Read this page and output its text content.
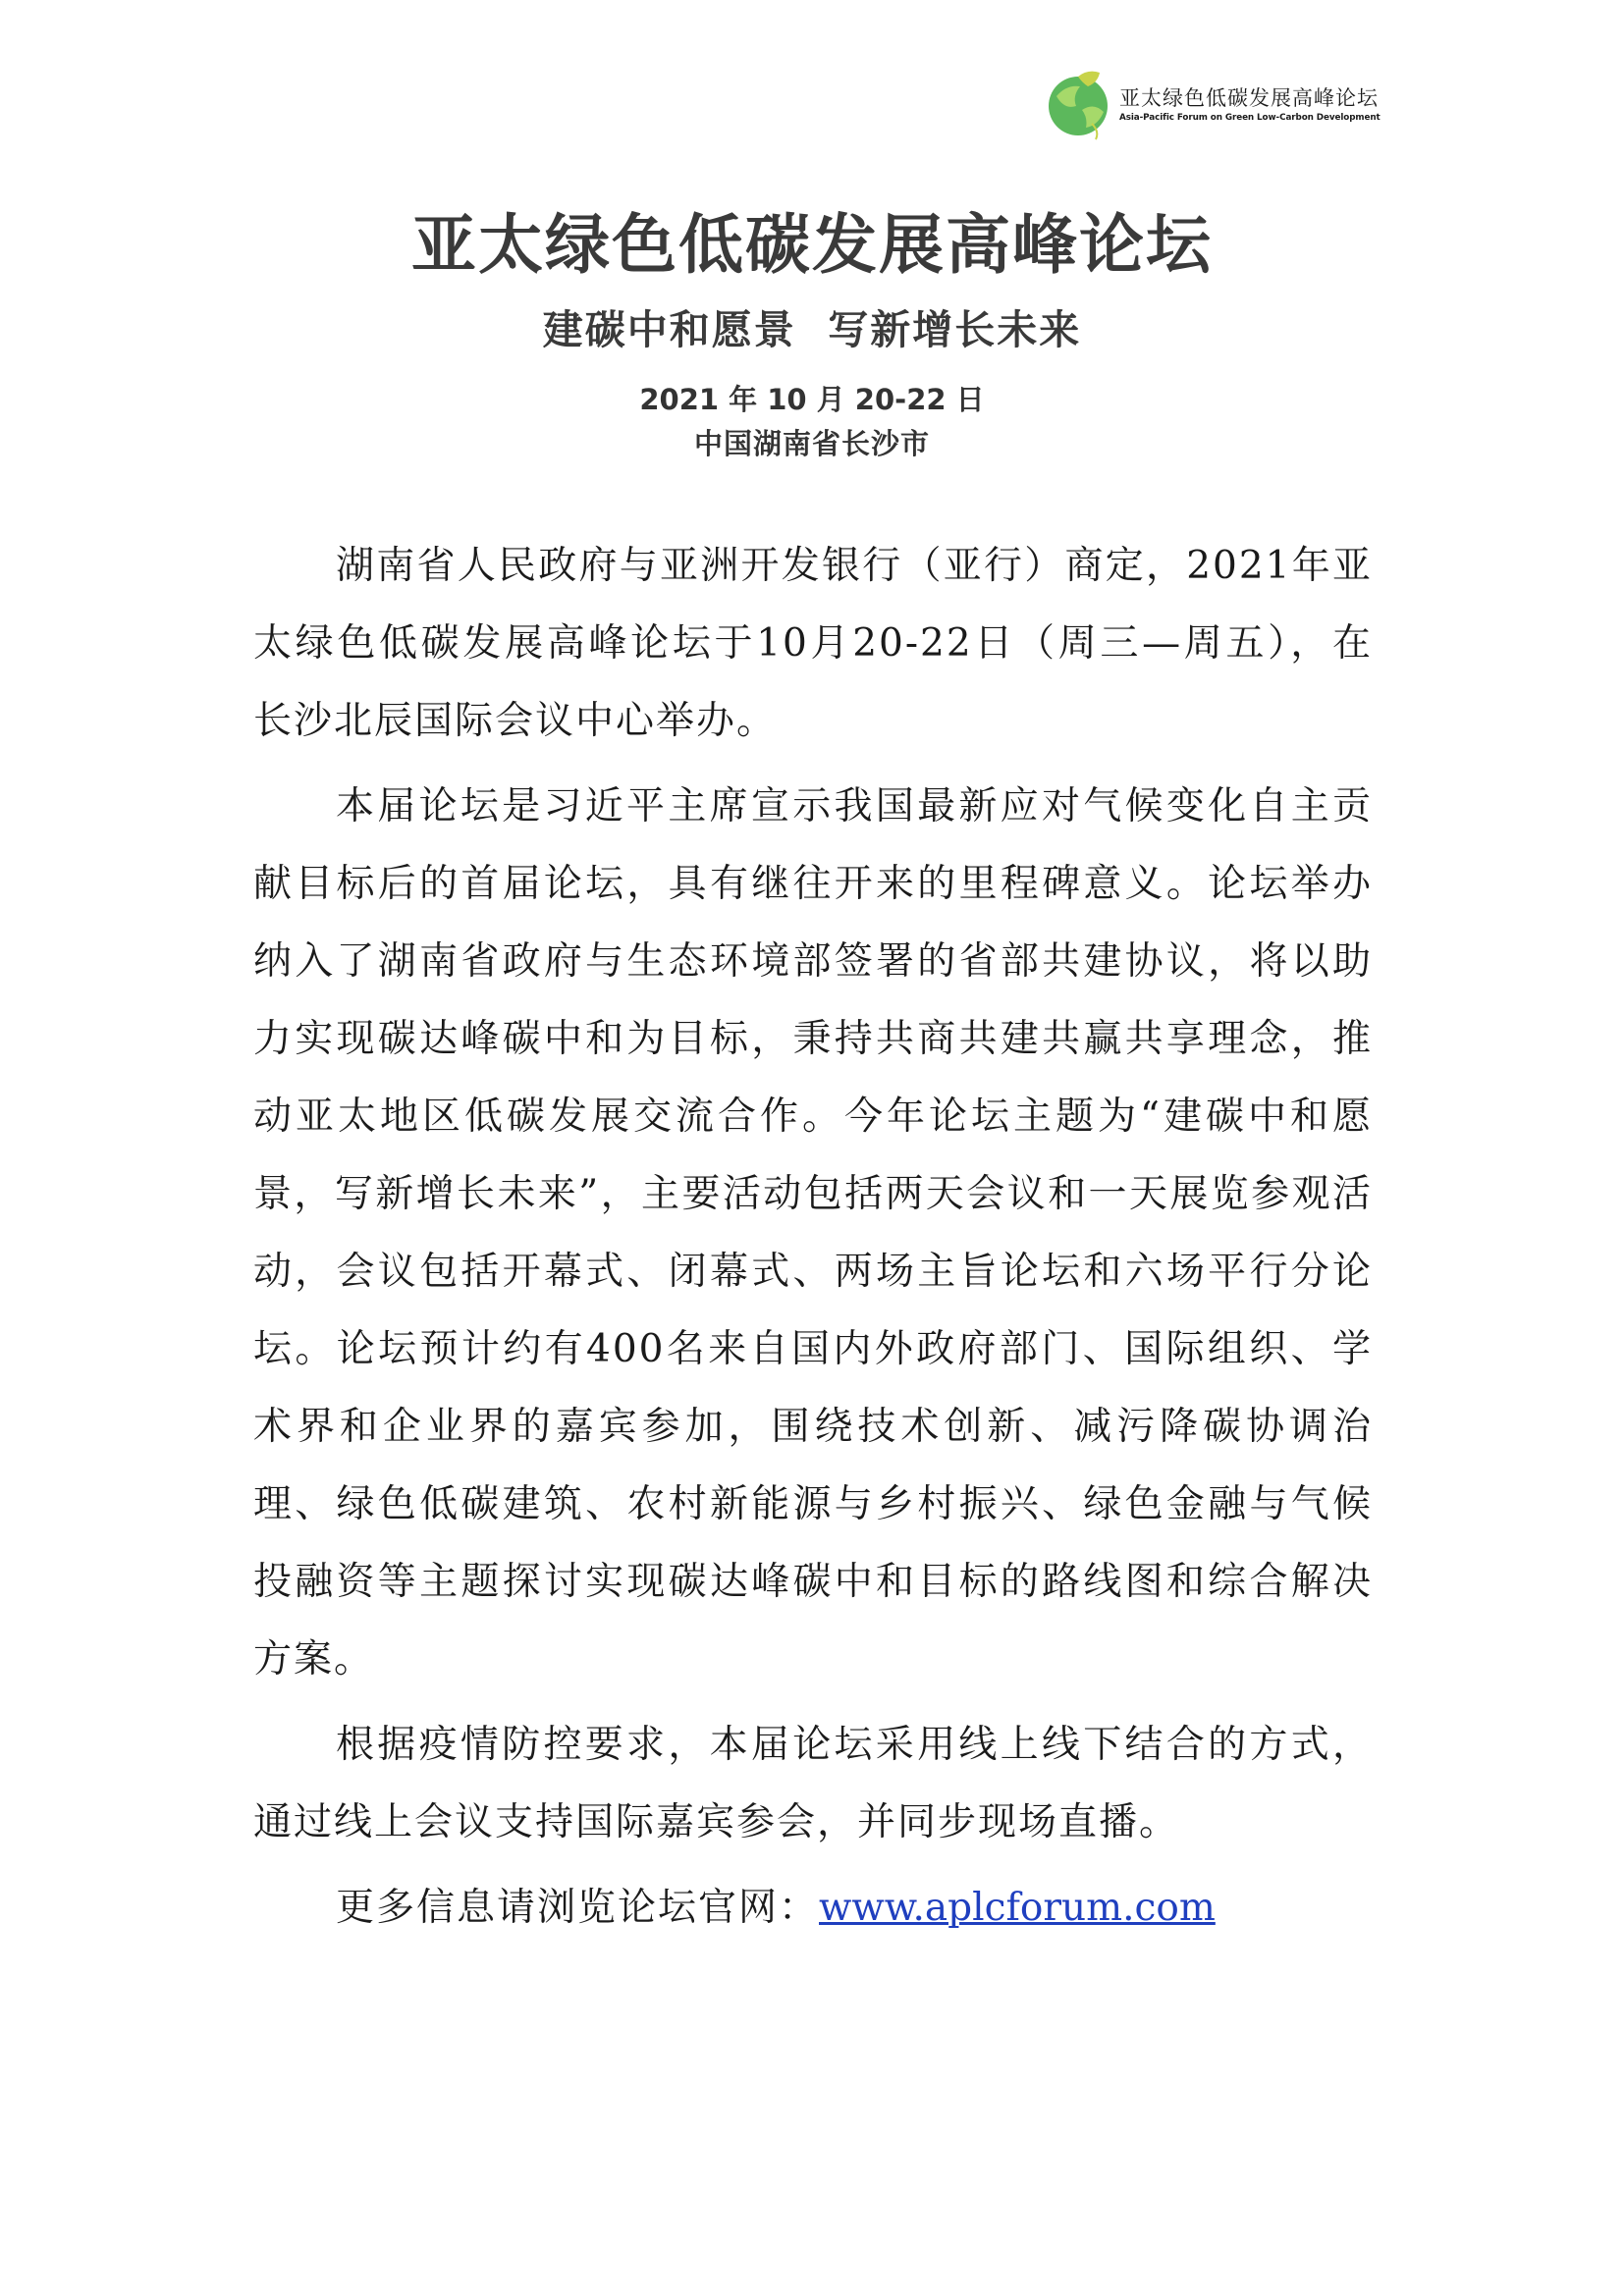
亚太绿色低碳发展高峰论坛
Asia-Pacific Forum on Green Low-Carbon Development
亚太绿色低碳发展高峰论坛
建碳中和愿景  写新增长未来
2021 年 10 月 20-22 日
中国湖南省长沙市

湖南省人民政府与亚洲开发银行（亚行）商定，2021年亚太绿色低碳发展高峰论坛于10月20-22日（周三—周五），在长沙北辰国际会议中心举办。

本届论坛是习近平主席宣示我国最新应对气候变化自主贡献目标后的首届论坛，具有继往开来的里程碑意义。论坛举办纳入了湖南省政府与生态环境部签署的省部共建协议，将以助力实现碳达峰碳中和为目标，秉持共商共建共赢共享理念，推动亚太地区低碳发展交流合作。今年论坛主题为“建碳中和愿景，写新增长未来”，主要活动包括两天会议和一天展览参观活动，会议包括开幕式、闭幕式、两场主旨论坛和六场平行分论坛。论坛预计约有400名来自国内外政府部门、国际组织、学术界和企业界的嘉宾参加，围绕技术创新、减污降碳协调治理、绿色低碳建筑、农村新能源与乡村振兴、绿色金融与气候投融资等主题探讨实现碳达峰碳中和目标的路线图和综合解决方案。

根据疫情防控要求，本届论坛采用线上线下结合的方式，通过线上会议支持国际嘉宾参会，并同步现场直播。

更多信息请浏览论坛官网：www.aplcforum.com
